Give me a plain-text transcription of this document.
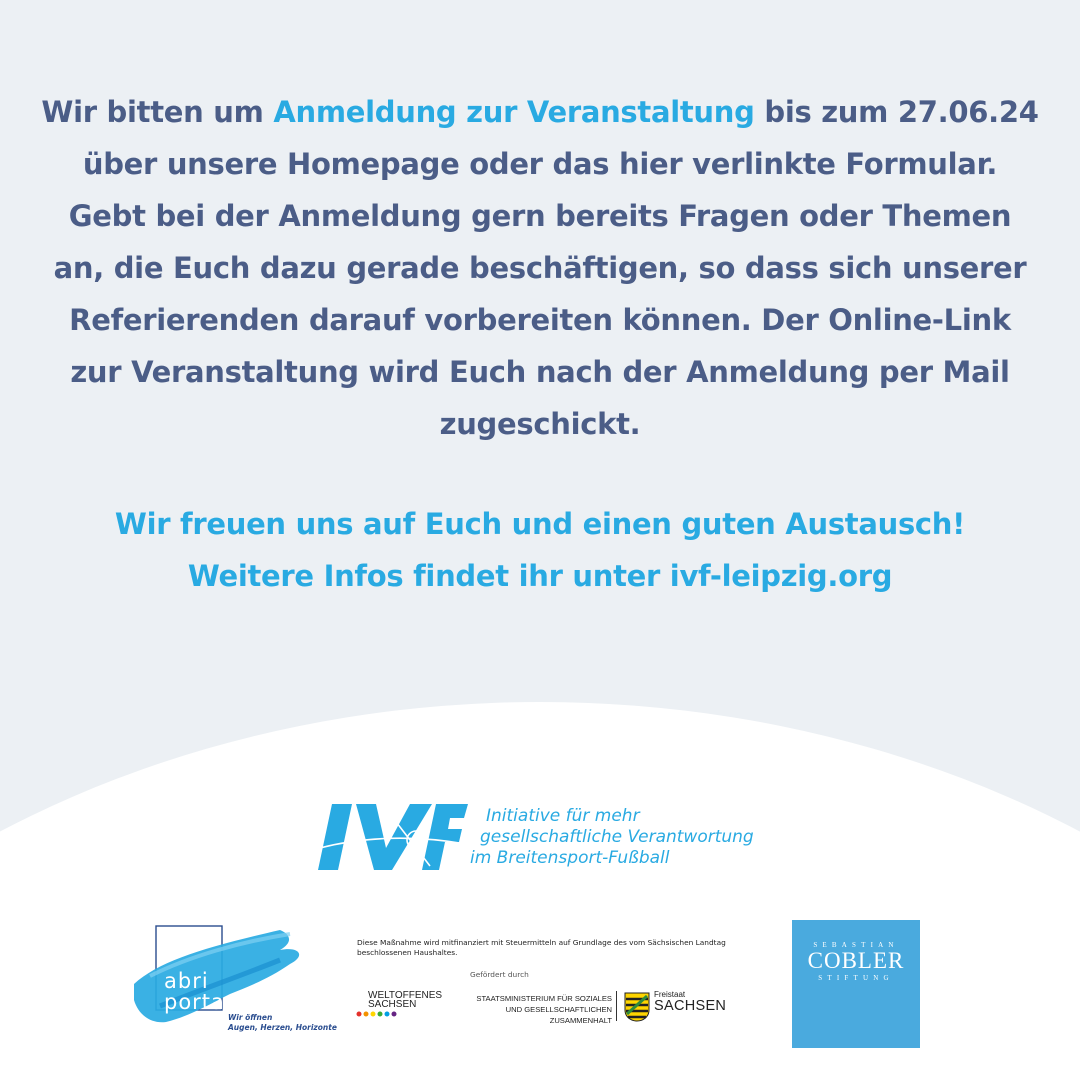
Wir bitten um Anmeldung zur Veranstaltung bis zum 27.06.24 über unsere Homepage oder das hier verlinkte Formular. Gebt bei der Anmeldung gern bereits Fragen oder Themen an, die Euch dazu gerade beschäftigen, so dass sich unserer Referierenden darauf vorbereiten können. Der Online-Link zur Veranstaltung wird Euch nach der Anmeldung per Mail zugeschickt.

Wir freuen uns auf Euch und einen guten Austausch!
Weitere Infos findet ihr unter ivf-leipzig.org
Initiative für mehr
gesellschaftliche Verantwortung
im Breitensport-Fußball
abri
porta
Wir öffnen
Augen, Herzen, Horizonte
Diese Maßnahme wird mitfinanziert mit Steuermitteln auf Grundlage des vom Sächsischen Landtag
beschlossenen Haushaltes.
Gefördert durch
WELTOFFENES
SACHSEN
STAATSMINISTERIUM FÜR SOZIALES
UND GESELLSCHAFTLICHEN
ZUSAMMENHALT
Freistaat
SACHSEN
SEBASTIAN
COBLER
STIFTUNG
